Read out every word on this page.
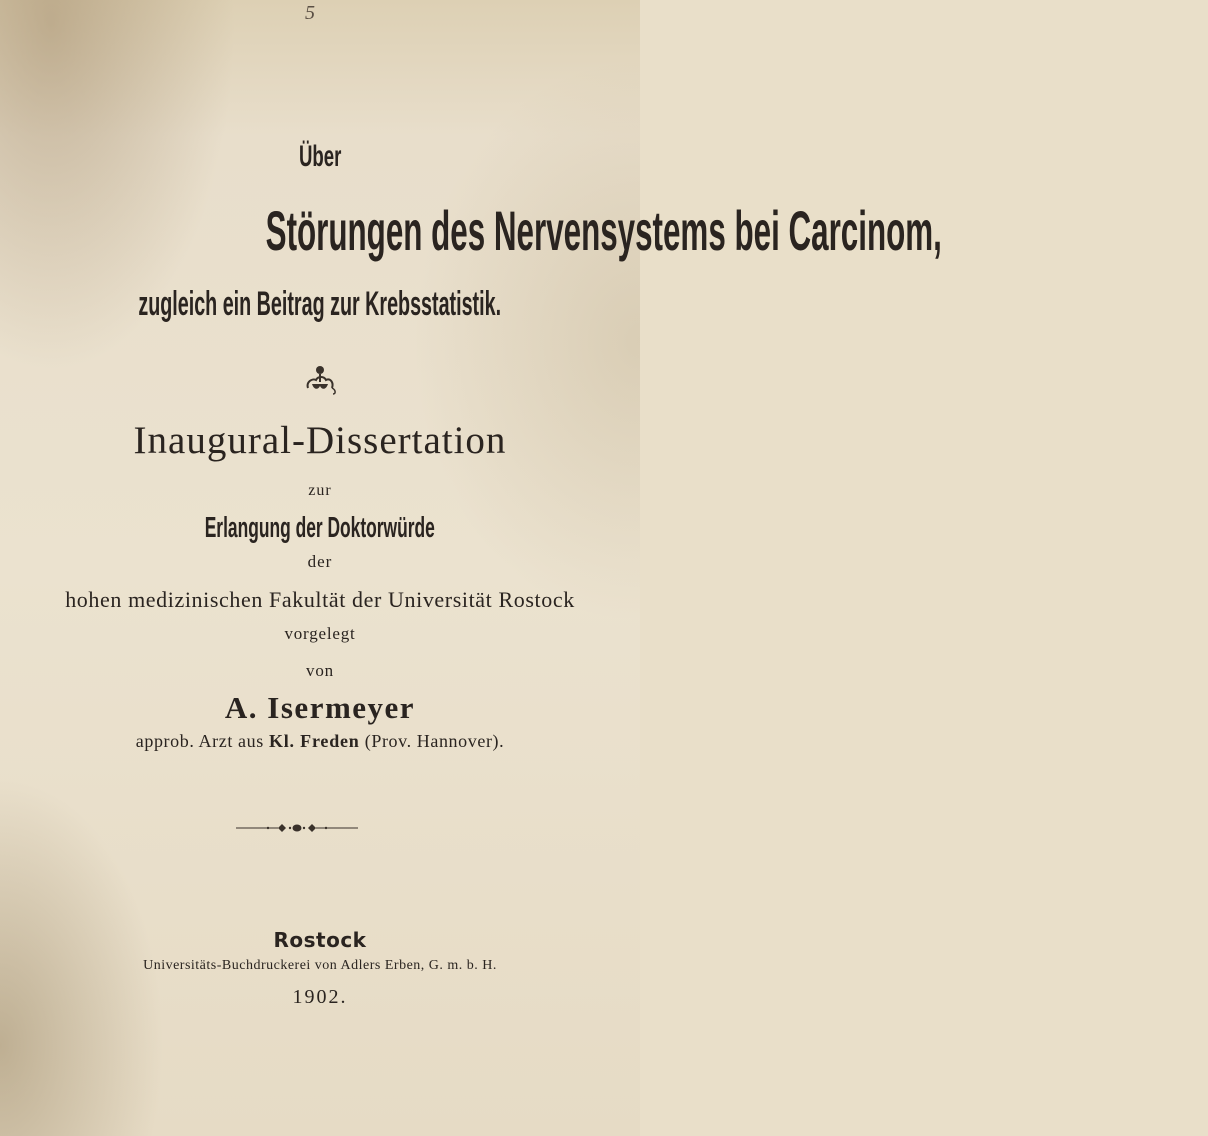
5
Über
Störungen des Nervensystems bei Carcinom,
zugleich ein Beitrag zur Krebsstatistik.
Inaugural-Dissertation
zur
Erlangung der Doktorwürde
der
hohen medizinischen Fakultät der Universität Rostock
vorgelegt
von
A. Isermeyer
approb. Arzt aus Kl. Freden (Prov. Hannover).
Rostock
Universitäts-Buchdruckerei von Adlers Erben, G. m. b. H.
1902.
